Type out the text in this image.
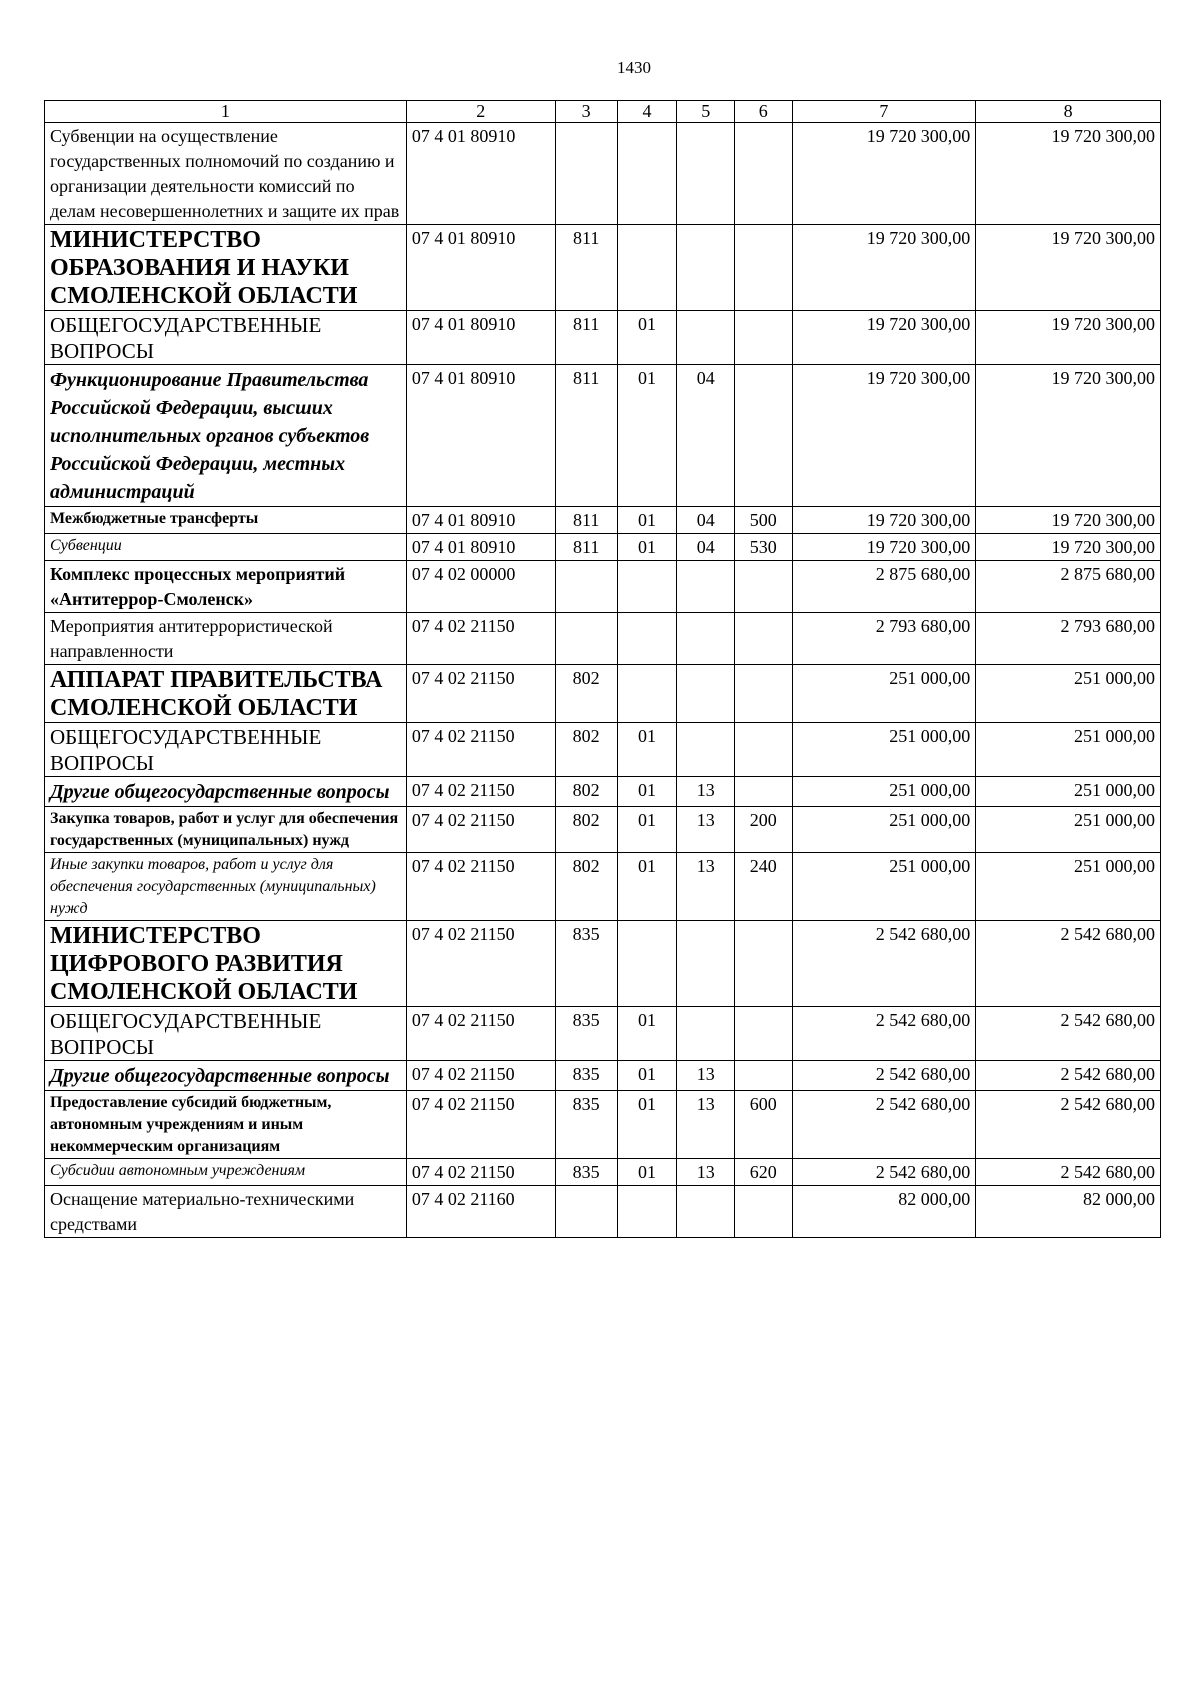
1430
1	2	3	4	5	6	7	8
Субвенции на осуществление государственных полномочий по созданию и организации деятельности комиссий по делам несовершеннолетних и защите их прав	07 4 01 80910					19 720 300,00	19 720 300,00
МИНИСТЕРСТВО ОБРАЗОВАНИЯ И НАУКИ СМОЛЕНСКОЙ ОБЛАСТИ	07 4 01 80910	811				19 720 300,00	19 720 300,00
ОБЩЕГОСУДАРСТВЕННЫЕ ВОПРОСЫ	07 4 01 80910	811	01			19 720 300,00	19 720 300,00
Функционирование Правительства Российской Федерации, высших исполнительных органов субъектов Российской Федерации, местных администраций	07 4 01 80910	811	01	04		19 720 300,00	19 720 300,00
Межбюджетные трансферты	07 4 01 80910	811	01	04	500	19 720 300,00	19 720 300,00
Субвенции	07 4 01 80910	811	01	04	530	19 720 300,00	19 720 300,00
Комплекс процессных мероприятий «Антитеррор-Смоленск»	07 4 02 00000					2 875 680,00	2 875 680,00
Мероприятия антитеррористической направленности	07 4 02 21150					2 793 680,00	2 793 680,00
АППАРАТ ПРАВИТЕЛЬСТВА СМОЛЕНСКОЙ ОБЛАСТИ	07 4 02 21150	802				251 000,00	251 000,00
ОБЩЕГОСУДАРСТВЕННЫЕ ВОПРОСЫ	07 4 02 21150	802	01			251 000,00	251 000,00
Другие общегосударственные вопросы	07 4 02 21150	802	01	13		251 000,00	251 000,00
Закупка товаров, работ и услуг для обеспечения государственных (муниципальных) нужд	07 4 02 21150	802	01	13	200	251 000,00	251 000,00
Иные закупки товаров, работ и услуг для обеспечения государственных (муниципальных) нужд	07 4 02 21150	802	01	13	240	251 000,00	251 000,00
МИНИСТЕРСТВО ЦИФРОВОГО РАЗВИТИЯ СМОЛЕНСКОЙ ОБЛАСТИ	07 4 02 21150	835				2 542 680,00	2 542 680,00
ОБЩЕГОСУДАРСТВЕННЫЕ ВОПРОСЫ	07 4 02 21150	835	01			2 542 680,00	2 542 680,00
Другие общегосударственные вопросы	07 4 02 21150	835	01	13		2 542 680,00	2 542 680,00
Предоставление субсидий бюджетным, автономным учреждениям и иным некоммерческим организациям	07 4 02 21150	835	01	13	600	2 542 680,00	2 542 680,00
Субсидии автономным учреждениям	07 4 02 21150	835	01	13	620	2 542 680,00	2 542 680,00
Оснащение материально-техническими средствами	07 4 02 21160					82 000,00	82 000,00
